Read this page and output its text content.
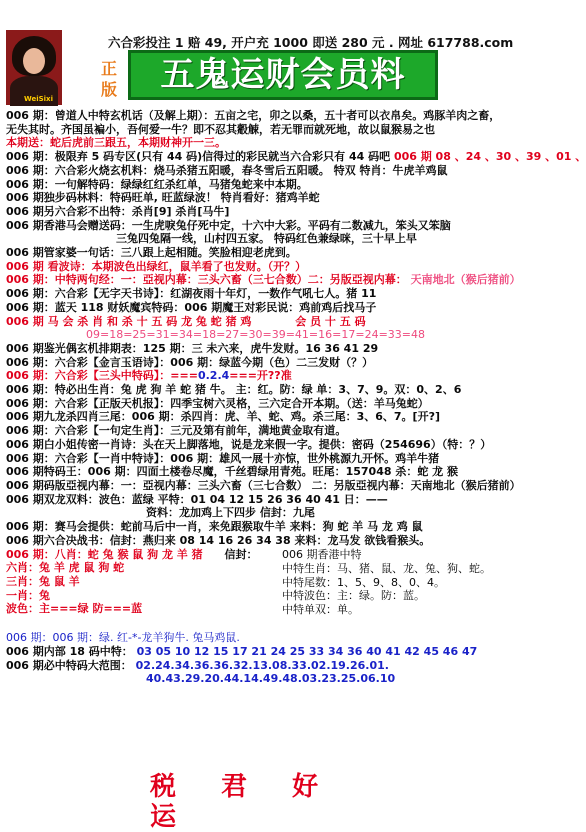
WeiSixi
六合彩投注 1 赔 49, 开户充 1000 即送 280 元 . 网址 617788.com
正版	五鬼运财会员料
006 期：曾道人中特玄机话（及解上期）：五亩之宅，卯之以桑，五十者可以衣帛矣。鸡豚羊肉之畜，
无失其时。齐国虽褊小，吾何爱一牛？即不忍其觳觫，若无罪而就死地，故以鼠猴易之也
本期送：蛇后虎前三跟五，本期财神开一三。
006 期：极限弃 5 码专区(只有 44 码)信得过的彩民就当六合彩只有 44 码吧 006 期 08 、24 、30 、39 、01 、
006 期：六合彩火烧玄机料：烧马杀猪五阳暖，春冬雪后五阳暖。 特双 特肖：牛虎羊鸡鼠
006 期：一句解特码：绿绿红红杀红单，马猪兔蛇来中本期。
006 期独步码林料：特码旺单, 旺蓝绿波！ 特肖看好：猪鸡羊蛇
006 期另六合彩不出特：杀肖[9] 杀肖[马牛]
006 期香港马会赠送码：一生虎唳兔仔死中定，十六中大彩。平码有二数减九，笨头又笨脑
三兔四兔隔一线，山村四五家。 特码红色兼绿咪，三十早上早
006 期管家婆一句话：三八跟上起相随。笑脸相迎老虎到。
006 期 看波诗：本期波色出绿红，鼠羊看了也发财。（开？）
006 期：中特两句经：一：亞视内幕：三头六畜（三七合数）二：另版亞视内幕： 天南地北（猴后猪前）
006 期：六合彩【无字天书诗】：红湖夜雨十年灯，一数作气吼七人。猪 11
006 期：蓝天 118 财妖魔宾特码：006 期魔王对彩民说：鸡前鸡后找马子
006 期 马 会 杀 肖 和 杀 十 五 码 龙 兔 蛇 猪 鸡	会 员 十 五 码
09=18=25=31=34=18=27=30=39=41=16=17=24=33=48
006 期鉴光偶玄机排期表：125 期：三 未六来，虎牛发财。16 36 41 29
006 期：六合彩【金言玉语诗】：006 期：绿蓝今期（色）二三发财（？）
006 期：六合彩【三头中特码】：===0.2.4===开??准
006 期：特必出生肖：兔 虎 狗 羊 蛇 猪 牛。 主：红。防：绿 单：3、7、9。双：0、2、6
006 期：六合彩【正版天机报】：四季宝树六灵格，三六定合开本期。（送：羊马兔蛇）
006 期九龙杀四肖三尾：006 期：杀四肖：虎、羊、蛇、鸡。杀三尾：3、6、7。[开?]
006 期：六合彩【一句定生肖】：三元及第有前年，满地黄金取有道。
006 期白小姐传密一肖诗：头在天上脚落地，说是龙来假一字。提供：密码（254696）（特：？）
006 期：六合彩【一肖中特诗】：006 期：雄风一展十亦惊，世外桃源九开怀。鸡羊牛猪
006 期特码王：006 期：四面土楼卷尽魔，千丝碧绿用青苑。旺尾：157048 杀：蛇 龙 猴
006 期码版亞视内幕：一：亞视内幕：三头六畜（三七合数） 二：另版亞视内幕：天南地北（猴后猪前）
006 期双龙双料：波色：蓝绿 平特：01 04 12 15 26 36 40 41 日：——
资料：龙加鸡上下四步 信封：九尾
006 期：赛马会提供：蛇前马后中一肖，来免跟猴取牛羊 来料：狗 蛇 羊 马 龙 鸡 鼠
006 期六合决战书：信封：燕归来 08 14 16 26 34 38 来料：龙马发 欲钱看猴头。
006 期：八肖：蛇 兔 猴 鼠 狗 龙 羊 猪 信封：
六肖：兔 羊 虎 鼠 狗 蛇
三肖：兔 鼠 羊
一肖：兔
波色：主===绿 防===蓝
006 期香港中特
中特生肖：马、猪、鼠、龙、兔、狗、蛇。
中特尾数：1、5、9、8、0、4。
中特波色：主：绿。防：蓝。
中特单双：单。
006 期：006 期：绿. 红-*-龙羊狗牛. 兔马鸡鼠.
006 期内部 18 码中特： 03 05 10 12 15 17 21 24 25 33 34 36 40 41 42 45 46 47
006 期必中特码大范围： 02.24.34.36.36.32.13.08.33.02.19.26.01.
40.43.29.20.44.14.49.48.03.23.25.06.10
税 君 好 运
